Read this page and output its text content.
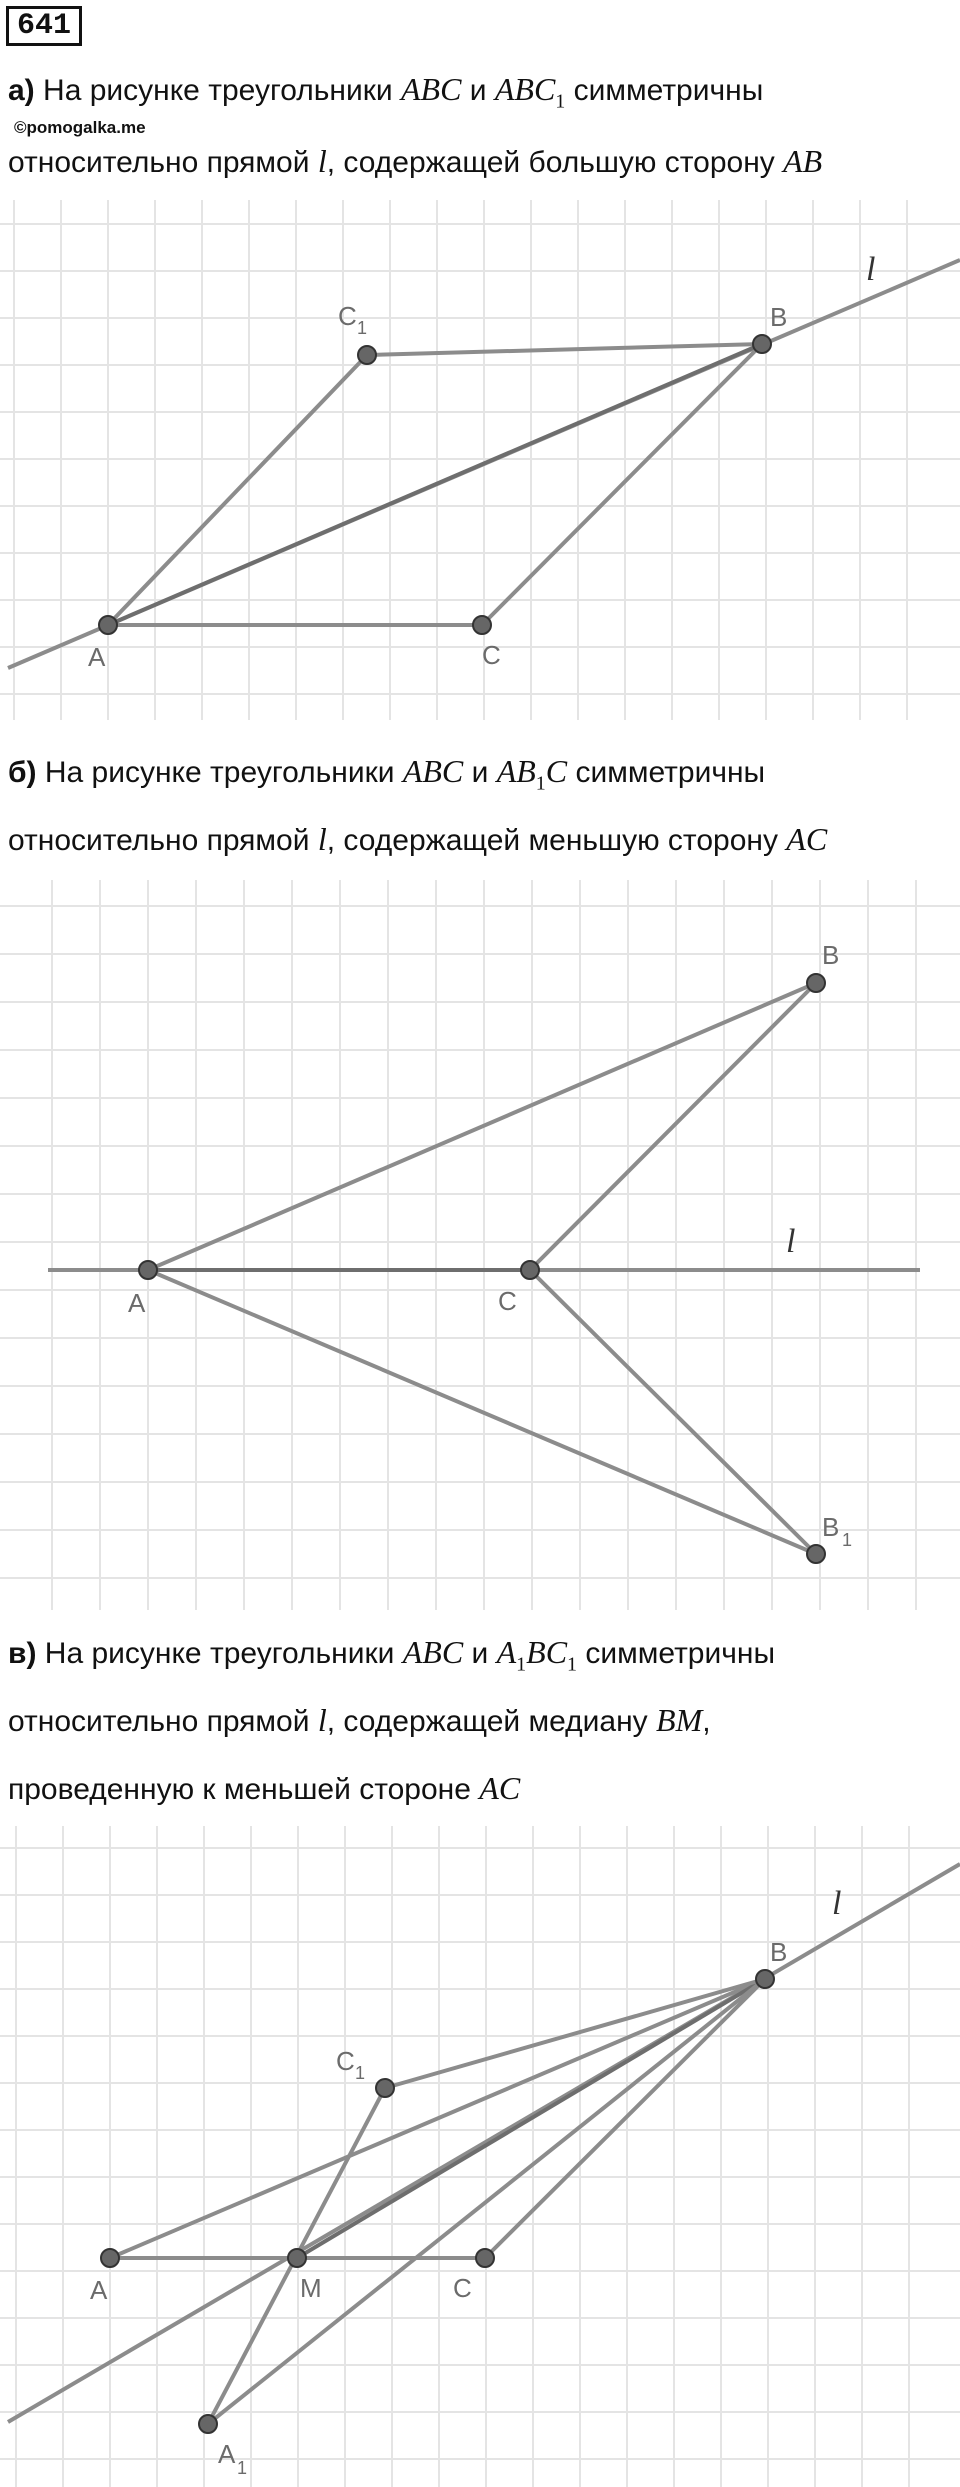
641
а) На рисунке треугольники ABC и $ABC_1$ симметричны
©pomogalka.me
относительно прямой l, содержащей большую сторону AB
A
B
C
C 1
l
б) На рисунке треугольники ABC и $AB_1C$ симметричны
относительно прямой l, содержащей меньшую сторону AC
A	C
B
B 1
l
в) На рисунке треугольники ABC и $A_1BC_1$ симметричны
относительно прямой l, содержащей медиану BM,
проведенную к меньшей стороне AC
A	M	C
B
C 1
A 1
l
